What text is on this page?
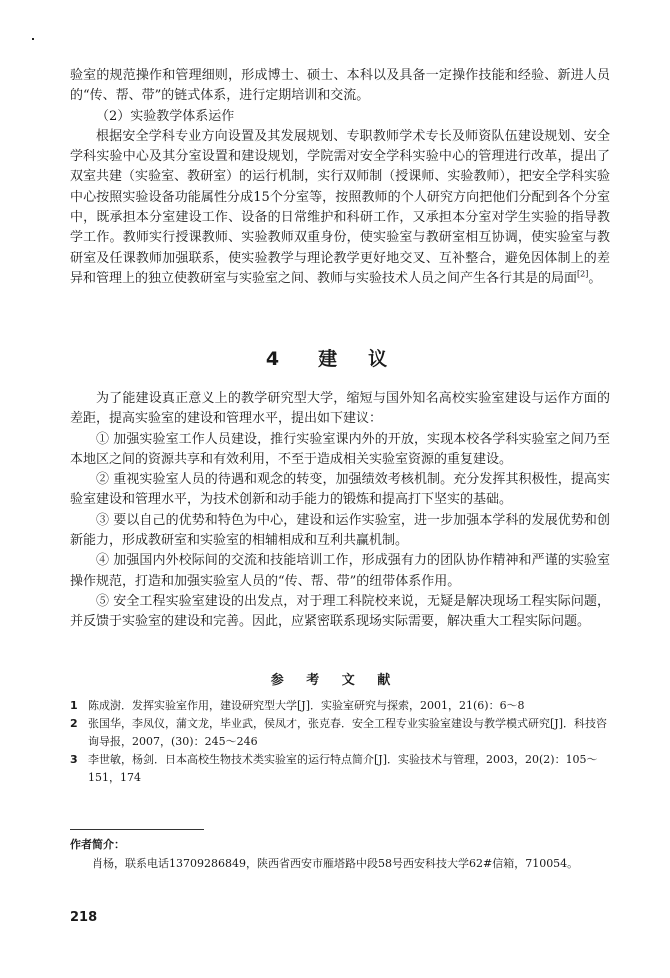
验室的规范操作和管理细则，形成博士、硕士、本科以及具备一定操作技能和经验、新进人员的“传、帮、带”的链式体系，进行定期培训和交流。

（2）实验教学体系运作

根据安全学科专业方向设置及其发展规划、专职教师学术专长及师资队伍建设规划、安全学科实验中心及其分室设置和建设规划，学院需对安全学科实验中心的管理进行改革，提出了双室共建（实验室、教研室）的运行机制，实行双师制（授课师、实验教师），把安全学科实验中心按照实验设备功能属性分成15个分室等，按照教师的个人研究方向把他们分配到各个分室中，既承担本分室建设工作、设备的日常维护和科研工作，又承担本分室对学生实验的指导教学工作。教师实行授课教师、实验教师双重身份，使实验室与教研室相互协调，使实验室与教研室及任课教师加强联系，使实验教学与理论教学更好地交叉、互补整合，避免因体制上的差异和管理上的独立使教研室与实验室之间、教师与实验技术人员之间产生各行其是的局面[2]。

4 建 议

为了能建设真正意义上的教学研究型大学，缩短与国外知名高校实验室建设与运作方面的差距，提高实验室的建设和管理水平，提出如下建议：

① 加强实验室工作人员建设，推行实验室课内外的开放，实现本校各学科实验室之间乃至本地区之间的资源共享和有效利用，不至于造成相关实验室资源的重复建设。

② 重视实验室人员的待遇和观念的转变，加强绩效考核机制。充分发挥其积极性，提高实验室建设和管理水平，为技术创新和动手能力的锻炼和提高打下坚实的基础。

③ 要以自己的优势和特色为中心，建设和运作实验室，进一步加强本学科的发展优势和创新能力，形成教研室和实验室的相辅相成和互利共赢机制。

④ 加强国内外校际间的交流和技能培训工作，形成强有力的团队协作精神和严谨的实验室操作规范，打造和加强实验室人员的“传、帮、带”的纽带体系作用。

⑤ 安全工程实验室建设的出发点，对于理工科院校来说，无疑是解决现场工程实际问题，并反馈于实验室的建设和完善。因此，应紧密联系现场实际需要，解决重大工程实际问题。

参 考 文 献
1 陈成澍．发挥实验室作用，建设研究型大学[J]．实验室研究与探索，2001，21(6)：6～8
2 张国华，李凤仪，蒲文龙，毕业武，侯凤才，张克春．安全工程专业实验室建设与教学模式研究[J]．科技咨询导报，2007，(30)：245～246
3 李世敏，杨剑．日本高校生物技术类实验室的运行特点简介[J]．实验技术与管理，2003，20(2)：105～151，174
作者简介：
肖杨，联系电话13709286849，陕西省西安市雁塔路中段58号西安科技大学62#信箱，710054。
218
